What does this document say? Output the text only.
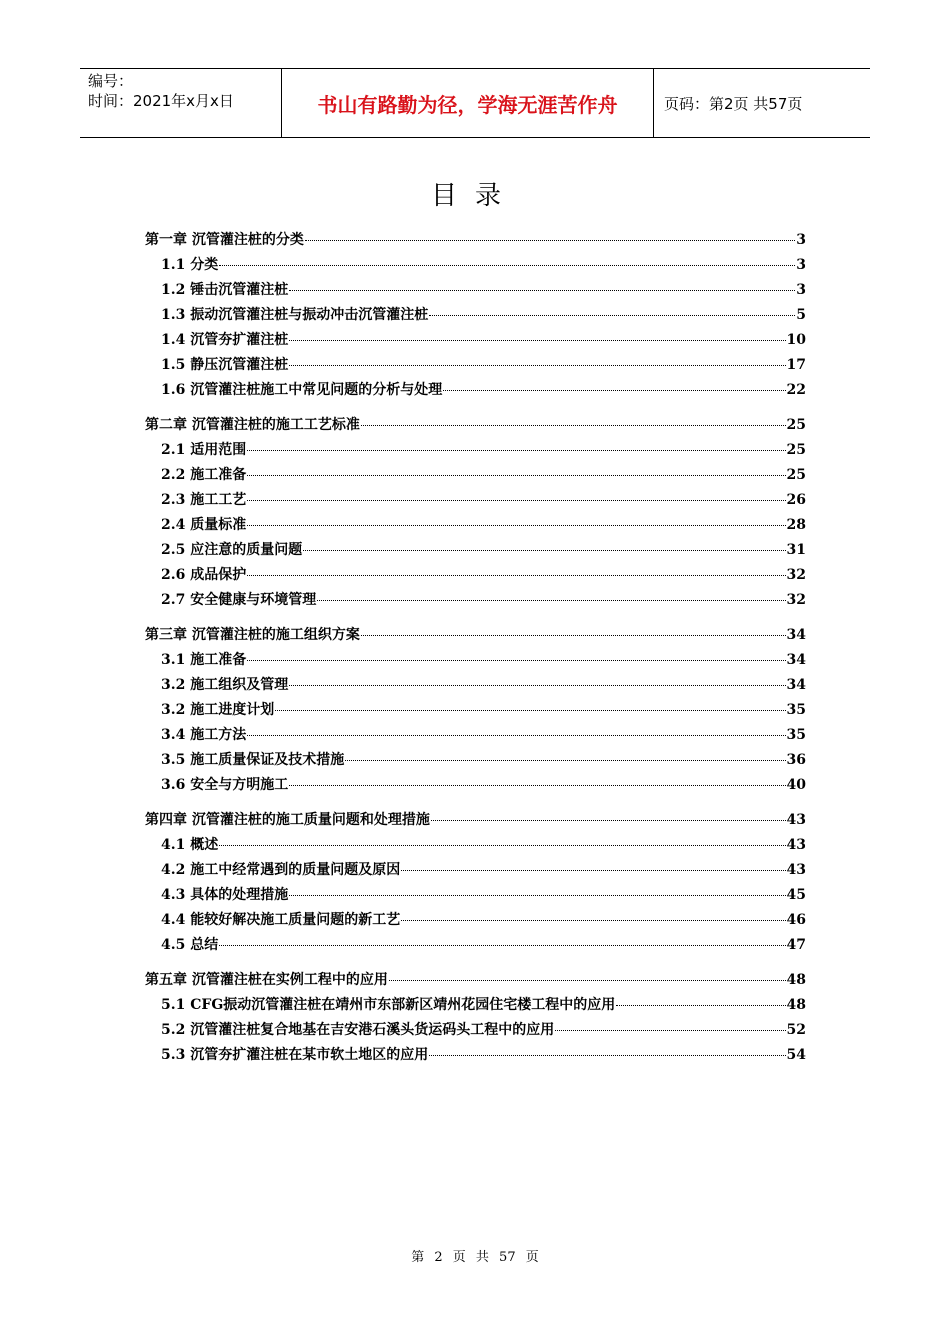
编号：
时间：2021年x月x日	书山有路勤为径，学海无涯苦作舟	页码：第2页 共57页
目录
第一章 沉管灌注桩的分类	3
1.1 分类	3
1.2 锤击沉管灌注桩	3
1.3 振动沉管灌注桩与振动冲击沉管灌注桩	5
1.4 沉管夯扩灌注桩	10
1.5 静压沉管灌注桩	17
1.6 沉管灌注桩施工中常见问题的分析与处理	22
第二章 沉管灌注桩的施工工艺标准	25
2.1 适用范围	25
2.2 施工准备	25
2.3 施工工艺	26
2.4 质量标准	28
2.5 应注意的质量问题	31
2.6 成品保护	32
2.7 安全健康与环境管理	32
第三章 沉管灌注桩的施工组织方案	34
3.1 施工准备	34
3.2 施工组织及管理	34
3.2 施工进度计划	35
3.4 施工方法	35
3.5 施工质量保证及技术措施	36
3.6 安全与方明施工	40
第四章 沉管灌注桩的施工质量问题和处理措施	43
4.1 概述	43
4.2 施工中经常遇到的质量问题及原因	43
4.3 具体的处理措施	45
4.4 能较好解决施工质量问题的新工艺	46
4.5 总结	47
第五章 沉管灌注桩在实例工程中的应用	48
5.1 CFG振动沉管灌注桩在靖州市东部新区靖州花园住宅楼工程中的应用	48
5.2 沉管灌注桩复合地基在吉安港石溪头货运码头工程中的应用	52
5.3 沉管夯扩灌注桩在某市软土地区的应用	54
第 2 页 共 57 页
